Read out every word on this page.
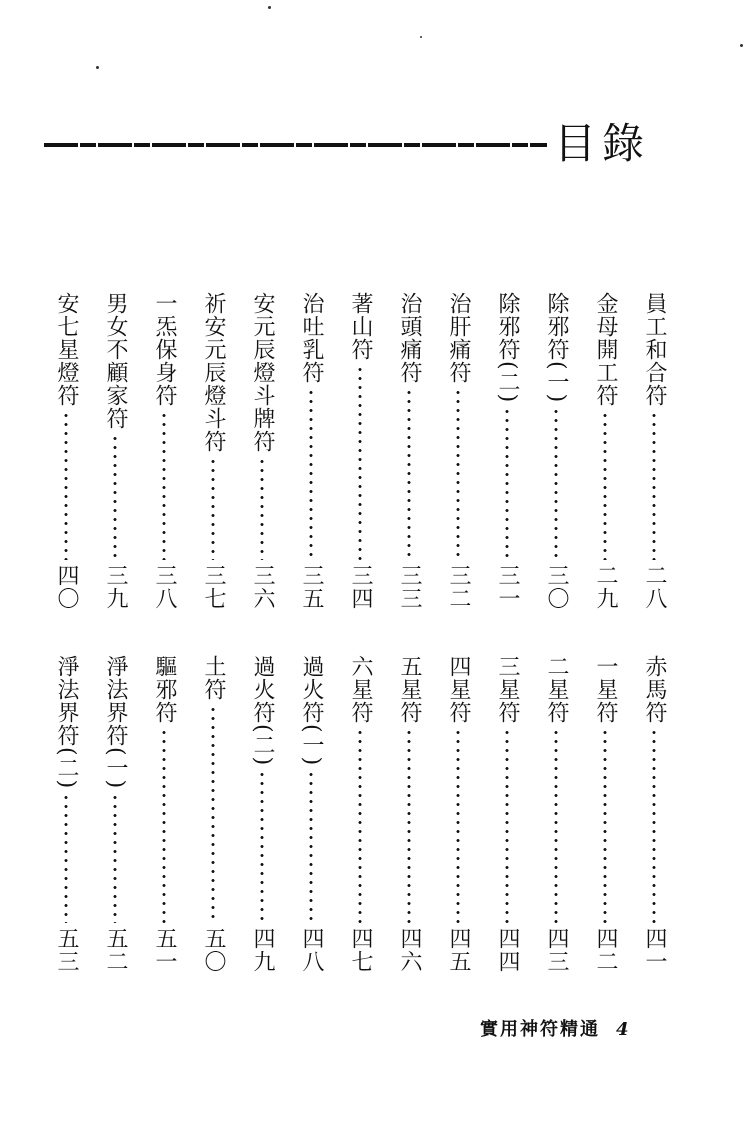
目錄
員工和合符
二八
金母開工符
二九
除邪符(一)
三〇
除邪符(二)
三一
治肝痛符
三二
治頭痛符
三三
著山符
三四
治吐乳符
三五
安元辰燈斗牌符
三六
祈安元辰燈斗符
三七
一炁保身符
三八
男女不顧家符
三九
安七星燈符
四〇
赤馬符
四一
一星符
四二
二星符
四三
三星符
四四
四星符
四五
五星符
四六
六星符
四七
過火符(一)
四八
過火符(二)
四九
土符
五〇
驅邪符
五一
淨法界符(一)
五二
淨法界符(二)
五三
實用神符精通 4
